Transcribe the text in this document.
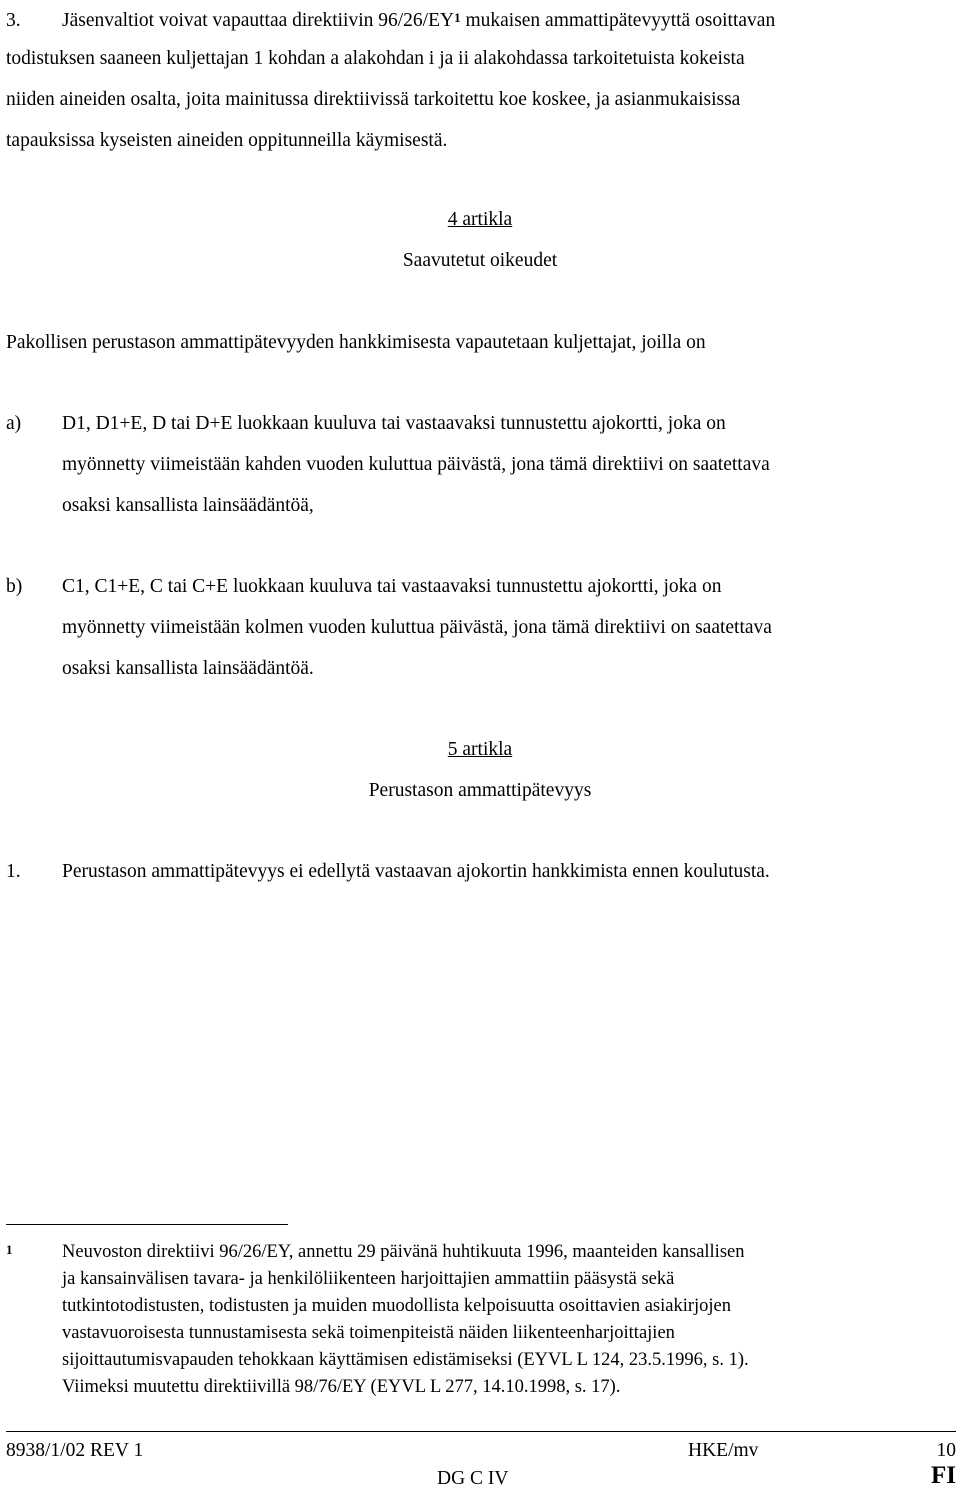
3. Jäsenvaltiot voivat vapauttaa direktiivin $96/26/EY^1$ mukaisen ammattipätevyyttä osoittavan
todistuksen saaneen kuljettajan 1 kohdan a alakohdan i ja ii alakohdassa tarkoitetuista kokeista
niiden aineiden osalta, joita mainitussa direktiivissä tarkoitettu koe koskee, ja asianmukaisissa
tapauksissa kyseisten aineiden oppitunneilla käymisestä.
4 artikla
Saavutetut oikeudet
Pakollisen perustason ammattipätevyyden hankkimisesta vapautetaan kuljettajat, joilla on
a) D1, D1+E, D tai D+E luokkaan kuuluva tai vastaavaksi tunnustettu ajokortti, joka on
myönnetty viimeistään kahden vuoden kuluttua päivästä, jona tämä direktiivi on saatettava
osaksi kansallista lainsäädäntöä,
b) C1, C1+E, C tai C+E luokkaan kuuluva tai vastaavaksi tunnustettu ajokortti, joka on
myönnetty viimeistään kolmen vuoden kuluttua päivästä, jona tämä direktiivi on saatettava
osaksi kansallista lainsäädäntöä.
5 artikla
Perustason ammattipätevyys
1. Perustason ammattipätevyys ei edellytä vastaavan ajokortin hankkimista ennen koulutusta.
1	Neuvoston direktiivi 96/26/EY, annettu 29 päivänä huhtikuuta 1996, maanteiden kansallisen
ja kansainvälisen tavara- ja henkilöliikenteen harjoittajien ammattiin pääsystä sekä
tutkintotodistusten, todistusten ja muiden muodollista kelpoisuutta osoittavien asiakirjojen
vastavuoroisesta tunnustamisesta sekä toimenpiteistä näiden liikenteenharjoittajien
sijoittautumisvapauden tehokkaan käyttämisen edistämiseksi (EYVL L 124, 23.5.1996, s. 1).
Viimeksi muutettu direktiivillä 98/76/EY (EYVL L 277, 14.10.1998, s. 17).
8938/1/02 REV 1	HKE/mv	10
DG C IV	FI
